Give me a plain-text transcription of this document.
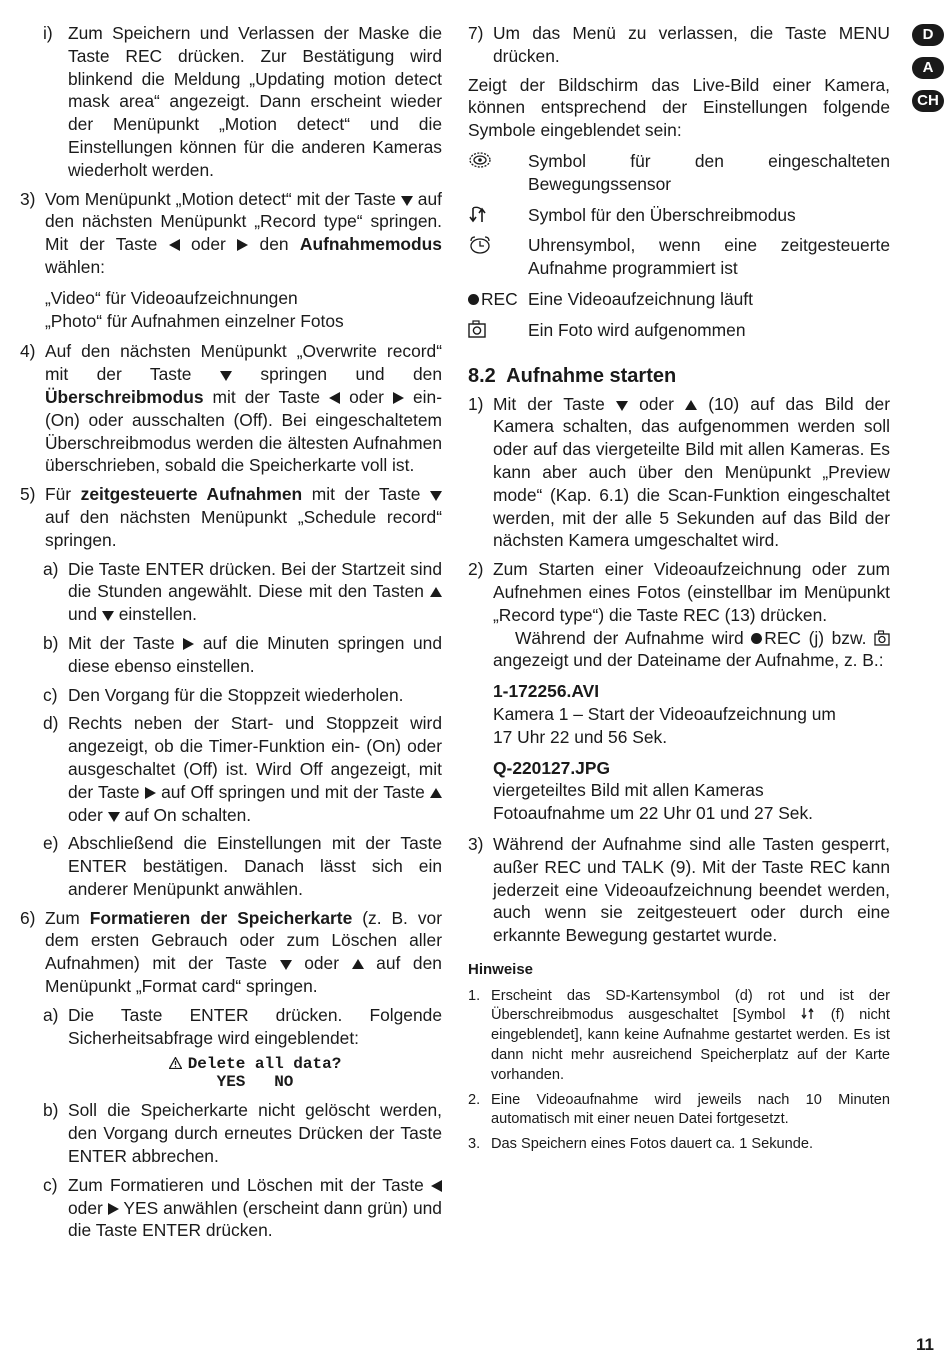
D
A
CH
i) Zum Speichern und Verlassen der Maske die Taste REC drücken. Zur Bestätigung wird blinkend die Meldung „Updating motion detect mask area“ angezeigt. Dann erscheint wieder der Menüpunkt „Motion detect“ und die Einstellungen können für die anderen Kameras wiederholt werden.
3) Vom Menüpunkt „Motion detect“ mit der Taste auf den nächsten Menüpunkt „Record type“ springen. Mit der Taste oder den Aufnahmemodus wählen:
„Video“ für Videoaufzeichnungen
„Photo“ für Aufnahmen einzelner Fotos
4) Auf den nächsten Menüpunkt „Overwrite record“ mit der Taste	springen und den Überschreibmodus mit der Taste oder ein- (On) oder ausschalten (Off). Bei eingeschaltetem Überschreibmodus werden die ältesten Aufnahmen überschrieben, sobald die Speicherkarte voll ist.
5) Für zeitgesteuerte Aufnahmen mit der Taste  auf den nächsten Menüpunkt „Schedule record“ springen.
a) Die Taste ENTER drücken. Bei der Startzeit sind die Stunden angewählt. Diese mit den Tasten  und einstellen.
b) Mit der Taste auf die Minuten springen und diese ebenso einstellen.
c) Den Vorgang für die Stoppzeit wiederholen.
d) Rechts neben der Start- und Stoppzeit wird angezeigt, ob die Timer-Funktion ein- (On) oder ausgeschaltet (Off) ist. Wird Off angezeigt, mit der Taste auf Off springen und mit der Taste  oder auf On schalten.
e) Abschließend die Einstellungen mit der Taste ENTER bestätigen. Danach lässt sich ein anderer Menüpunkt anwählen.
6) Zum Formatieren der Speicherkarte (z. B. vor dem ersten Gebrauch oder zum Löschen aller Aufnahmen) mit der Taste oder auf den Menüpunkt „Format card“ springen.
a) Die Taste ENTER drücken. Folgende Sicherheitsabfrage wird eingeblendet:
Delete all data?
YES   NO
b) Soll die Speicherkarte nicht gelöscht werden, den Vorgang durch erneutes Drücken der Taste ENTER abbrechen.
c) Zum Formatieren und Löschen mit der Taste  oder YES anwählen (erscheint dann grün) und die Taste ENTER drücken.
7) Um das Menü zu verlassen, die Taste MENU drücken.

Zeigt der Bildschirm das Live-Bild einer Kamera, können entsprechend der Einstellungen folgende Symbole eingeblendet sein:

Symbol für den eingeschalteten Bewegungssensor
Symbol für den Überschreibmodus
Uhrensymbol, wenn eine zeitgesteuerte Aufnahme programmiert ist
REC Eine Videoaufzeichnung läuft
Ein Foto wird aufgenommen
8.2  Aufnahme starten
1) Mit der Taste oder (10) auf das Bild der Kamera schalten, das aufgenommen werden soll oder auf das viergeteilte Bild mit allen Kameras. Es kann aber auch über den Menüpunkt „Preview mode“ (Kap. 6.1) die Scan-Funktion eingeschaltet werden, mit der alle 5 Sekunden auf das Bild der nächsten Kamera umgeschaltet wird.
2) Zum Starten einer Videoaufzeichnung oder zum Aufnehmen eines Fotos (einstellbar im Menüpunkt „Record type“) die Taste REC (13) drücken.
Während der Aufnahme wird REC (j) bzw.  angezeigt und der Dateiname der Aufnahme, z. B.:
1-172256.AVI
Kamera 1 – Start der Videoaufzeichnung um
17 Uhr 22 und 56 Sek.
Q-220127.JPG
viergeteiltes Bild mit allen Kameras
Fotoaufnahme um 22 Uhr 01 und 27 Sek.
3) Während der Aufnahme sind alle Tasten gesperrt, außer REC und TALK (9). Mit der Taste REC kann jederzeit eine Videoaufzeichnung beendet werden, auch wenn sie zeitgesteuert oder durch eine erkannte Bewegung gestartet wurde.
Hinweise
1. Erscheint das SD-Kartensymbol (d) rot und ist der Überschreibmodus ausgeschaltet [Symbol	(f) nicht eingeblendet], kann keine Aufnahme gestartet werden. Es ist dann nicht mehr ausreichend Speicherplatz auf der Karte vorhanden.
2. Eine Videoaufnahme wird jeweils nach 10 Minuten automatisch mit einer neuen Datei fortgesetzt.
3. Das Speichern eines Fotos dauert ca. 1 Sekunde.
11
